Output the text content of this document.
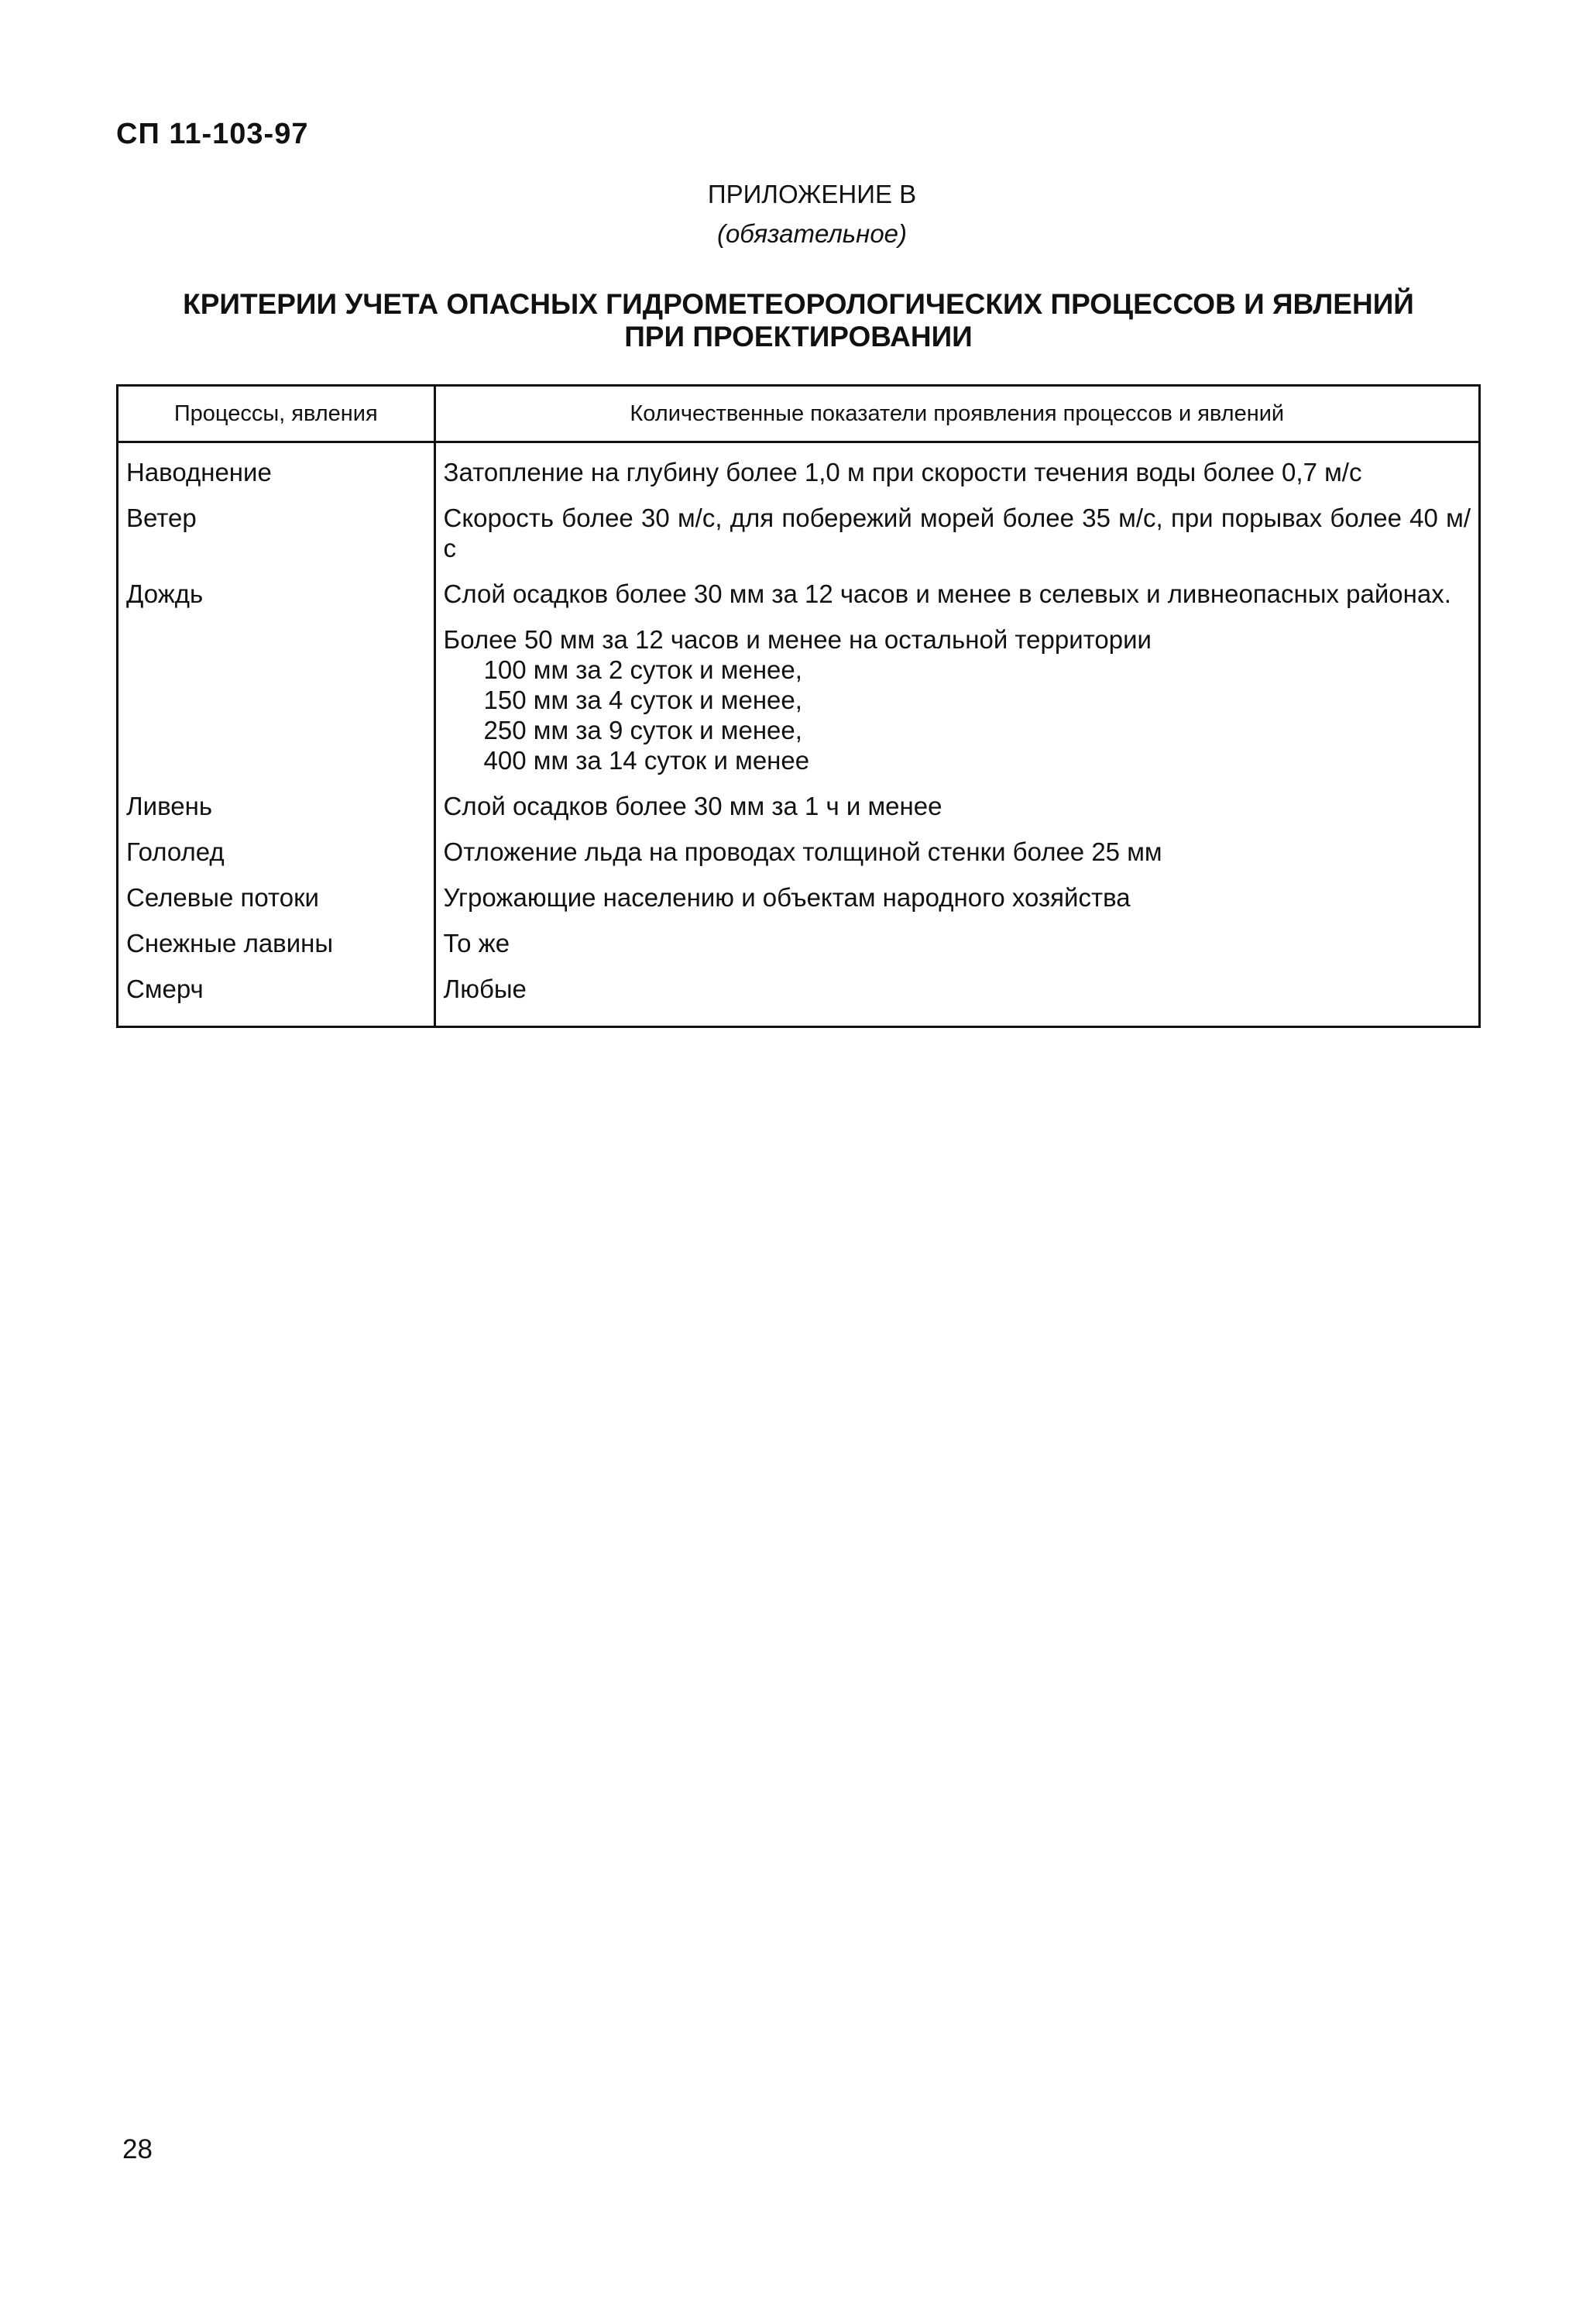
СП 11-103-97
ПРИЛОЖЕНИЕ В
(обязательное)
КРИТЕРИИ УЧЕТА ОПАСНЫХ ГИДРОМЕТЕОРОЛОГИЧЕСКИХ ПРОЦЕССОВ И ЯВЛЕНИЙ
ПРИ ПРОЕКТИРОВАНИИ
Процессы, явления	Количественные показатели проявления процессов и явлений
Наводнение	Затопление на глубину более 1,0 м при скорости течения воды более 0,7 м/с
Ветер	Скорость более 30 м/с, для побережий морей более 35 м/с, при порывах более 40 м/с
Дождь	Слой осадков более 30 мм за 12 часов и менее в селевых и ливнеопасных районах.

	Более 50 мм за 12 часов и менее на остальной территории
100 мм за 2 суток и менее,
150 мм за 4 суток и менее,
250 мм за 9 суток и менее,
400 мм за 14 суток и менее

Ливень	Слой осадков более 30 мм за 1 ч и менее
Гололед	Отложение льда на проводах толщиной стенки более 25 мм
Селевые потоки	Угрожающие населению и объектам народного хозяйства
Снежные лавины	То же
Смерч	Любые
28
